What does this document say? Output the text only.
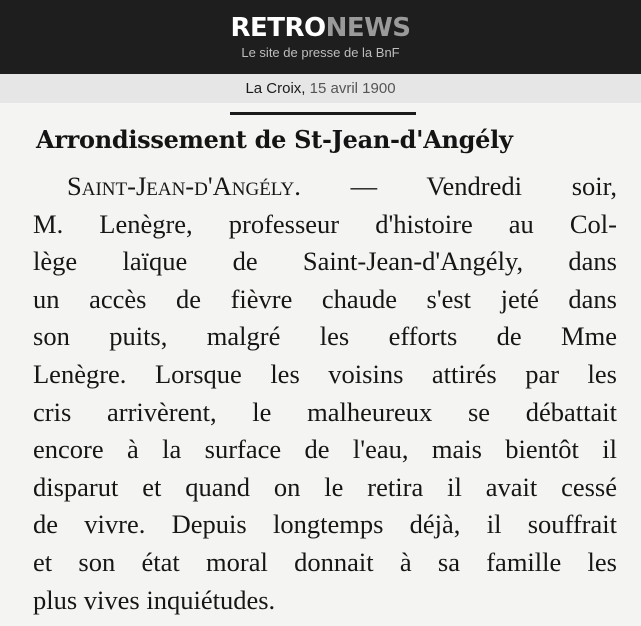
RETRONEWS
Le site de presse de la BnF
La Croix, 15 avril 1900
Arrondissement de St-Jean-d'Angély
Saint-Jean-d'Angély. — Vendredi soir,
M. Lenègre, professeur d'histoire au Col-
lège laïque de Saint-Jean-d'Angély, dans
un accès de fièvre chaude s'est jeté dans
son puits, malgré les efforts de Mme
Lenègre. Lorsque les voisins attirés par les
cris arrivèrent, le malheureux se débattait
encore à la surface de l'eau, mais bientôt il
disparut et quand on le retira il avait cessé
de vivre. Depuis longtemps déjà, il souffrait
et son état moral donnait à sa famille les
plus vives inquiétudes.
